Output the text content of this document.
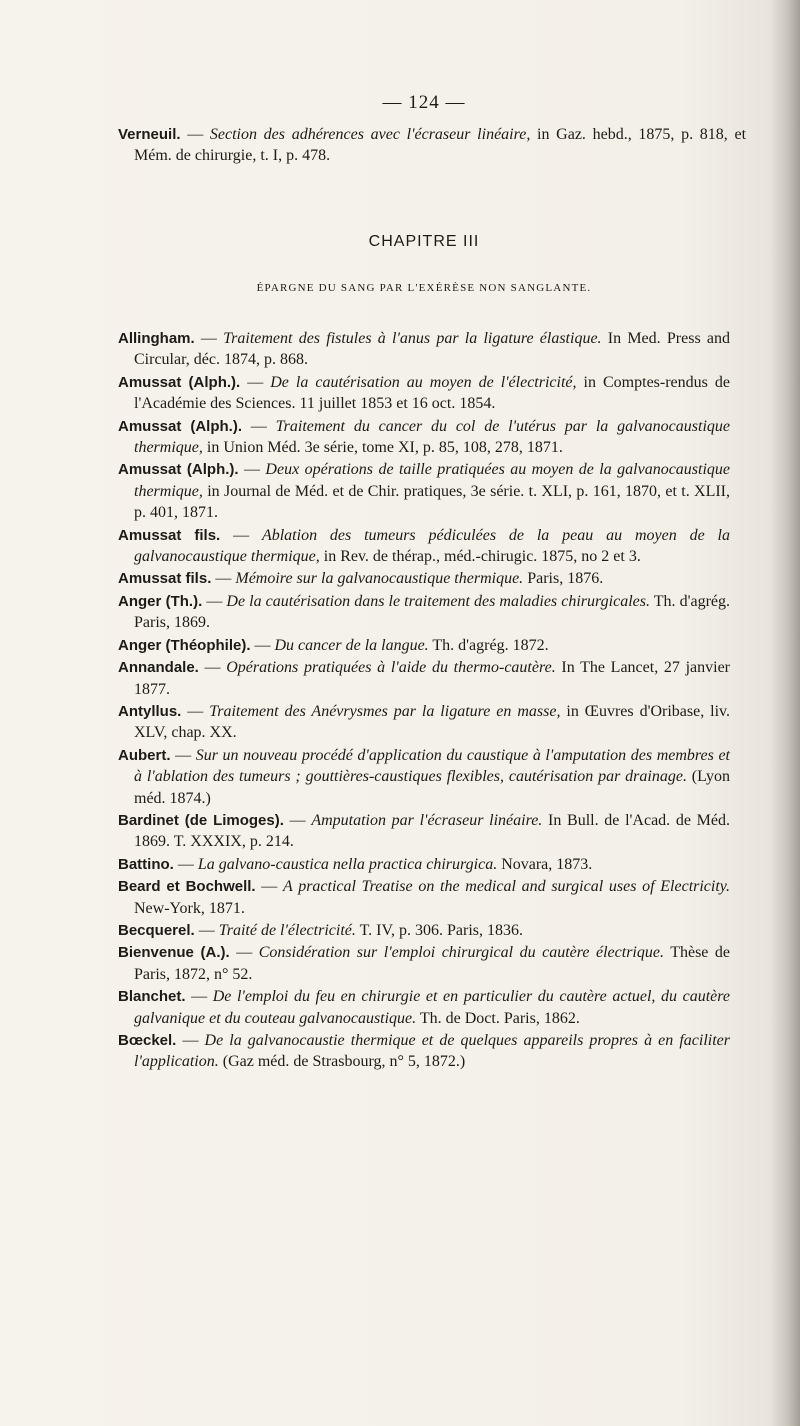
— 124 —

Verneuil. — Section des adhérences avec l'écraseur linéaire, in Gaz. hebd., 1875, p. 818, et Mém. de chirurgie, t. I, p. 478.

CHAPITRE III
ÉPARGNE DU SANG PAR L'EXÉRÈSE NON SANGLANTE.

Allingham. — Traitement des fistules à l'anus par la ligature élastique. In Med. Press and Circular, déc. 1874, p. 868.

Amussat (Alph.). — De la cautérisation au moyen de l'électricité, in Comptes-rendus de l'Académie des Sciences. 11 juillet 1853 et 16 oct. 1854.

Amussat (Alph.). — Traitement du cancer du col de l'utérus par la galvanocaustique thermique, in Union Méd. 3e série, tome XI, p. 85, 108, 278, 1871.

Amussat (Alph.). — Deux opérations de taille pratiquées au moyen de la galvanocaustique thermique, in Journal de Méd. et de Chir. pratiques, 3e série. t. XLI, p. 161, 1870, et t. XLII, p. 401, 1871.

Amussat fils. — Ablation des tumeurs pédiculées de la peau au moyen de la galvanocaustique thermique, in Rev. de thérap., méd.-chirugic. 1875, no 2 et 3.

Amussat fils. — Mémoire sur la galvanocaustique thermique. Paris, 1876.

Anger (Th.). — De la cautérisation dans le traitement des maladies chirurgicales. Th. d'agrég. Paris, 1869.

Anger (Théophile). — Du cancer de la langue. Th. d'agrég. 1872.

Annandale. — Opérations pratiquées à l'aide du thermo-cautère. In The Lancet, 27 janvier 1877.

Antyllus. — Traitement des Anévrysmes par la ligature en masse, in Œuvres d'Oribase, liv. XLV, chap. XX.

Aubert. — Sur un nouveau procédé d'application du caustique à l'amputation des membres et à l'ablation des tumeurs ; gouttières-caustiques flexibles, cautérisation par drainage. (Lyon méd. 1874.)

Bardinet (de Limoges). — Amputation par l'écraseur linéaire. In Bull. de l'Acad. de Méd. 1869. T. XXXIX, p. 214.

Battino. — La galvano-caustica nella practica chirurgica. Novara, 1873.

Beard et Bochwell. — A practical Treatise on the medical and surgical uses of Electricity. New-York, 1871.

Becquerel. — Traité de l'électricité. T. IV, p. 306. Paris, 1836.

Bienvenue (A.). — Considération sur l'emploi chirurgical du cautère électrique. Thèse de Paris, 1872, n° 52.

Blanchet. — De l'emploi du feu en chirurgie et en particulier du cautère actuel, du cautère galvanique et du couteau galvanocaustique. Th. de Doct. Paris, 1862.

Bœckel. — De la galvanocaustie thermique et de quelques appareils propres à en faciliter l'application. (Gaz méd. de Strasbourg, n° 5, 1872.)
